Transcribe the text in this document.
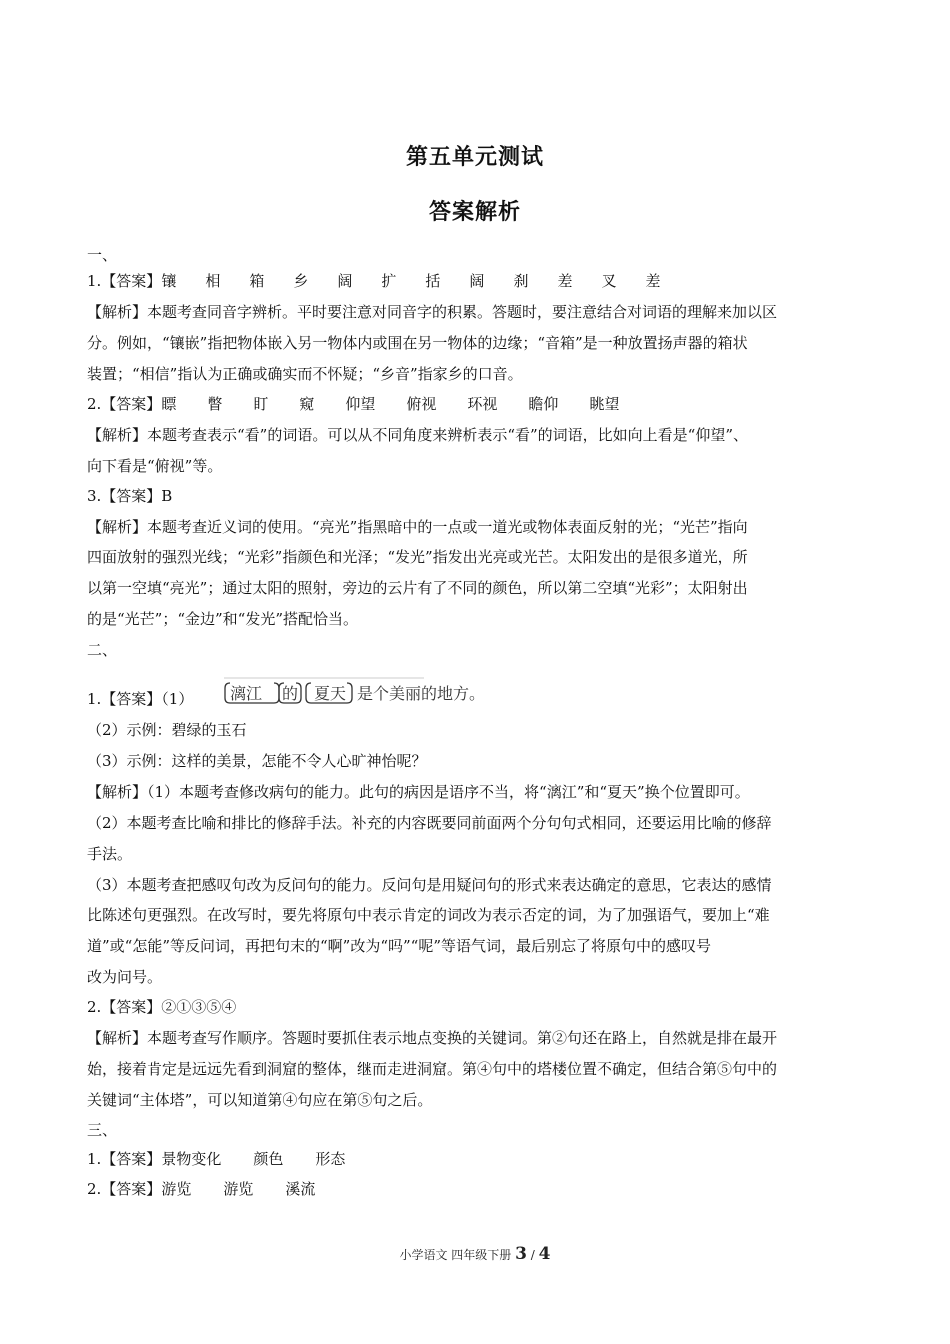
第五单元测试
答案解析
一、
1.【答案】镶 相 箱 乡 阔 扩 括 阔 刹 差 叉 差
【解析】本题考查同音字辨析。平时要注意对同音字的积累。答题时，要注意结合对词语的理解来加以区
分。例如，“镶嵌”指把物体嵌入另一物体内或围在另一物体的边缘；“音箱”是一种放置扬声器的箱状
装置；“相信”指认为正确或确实而不怀疑；“乡音”指家乡的口音。
2.【答案】瞟 瞥 盯 窥 仰望 俯视 环视 瞻仰 眺望
【解析】本题考查表示“看”的词语。可以从不同角度来辨析表示“看”的词语，比如向上看是“仰望”、
向下看是“俯视”等。
3.【答案】B
【解析】本题考查近义词的使用。“亮光”指黑暗中的一点或一道光或物体表面反射的光；“光芒”指向
四面放射的强烈光线；“光彩”指颜色和光泽；“发光”指发出光亮或光芒。太阳发出的是很多道光，所
以第一空填“亮光”；通过太阳的照射，旁边的云片有了不同的颜色，所以第二空填“光彩”；太阳射出
的是“光芒”；“金边”和“发光”搭配恰当。
二、
1.【答案】（1） 漓江 的 夏天 是个美丽的地方。
（2）示例：碧绿的玉石
（3）示例：这样的美景，怎能不令人心旷神怡呢？
【解析】（1）本题考查修改病句的能力。此句的病因是语序不当，将“漓江”和“夏天”换个位置即可。
（2）本题考查比喻和排比的修辞手法。补充的内容既要同前面两个分句句式相同，还要运用比喻的修辞
手法。
（3）本题考查把感叹句改为反问句的能力。反问句是用疑问句的形式来表达确定的意思，它表达的感情
比陈述句更强烈。在改写时，要先将原句中表示肯定的词改为表示否定的词，为了加强语气，要加上“难
道”或“怎能”等反问词，再把句末的“啊”改为“吗”“呢”等语气词，最后别忘了将原句中的感叹号
改为问号。
2.【答案】②①③⑤④
【解析】本题考查写作顺序。答题时要抓住表示地点变换的关键词。第②句还在路上，自然就是排在最开
始，接着肯定是远远先看到洞窟的整体，继而走进洞窟。第④句中的塔楼位置不确定，但结合第⑤句中的
关键词“主体塔”，可以知道第④句应在第⑤句之后。
三、
1.【答案】景物变化 颜色 形态
2.【答案】游览 游览 溪流
小学语文 四年级下册 3 / 4
